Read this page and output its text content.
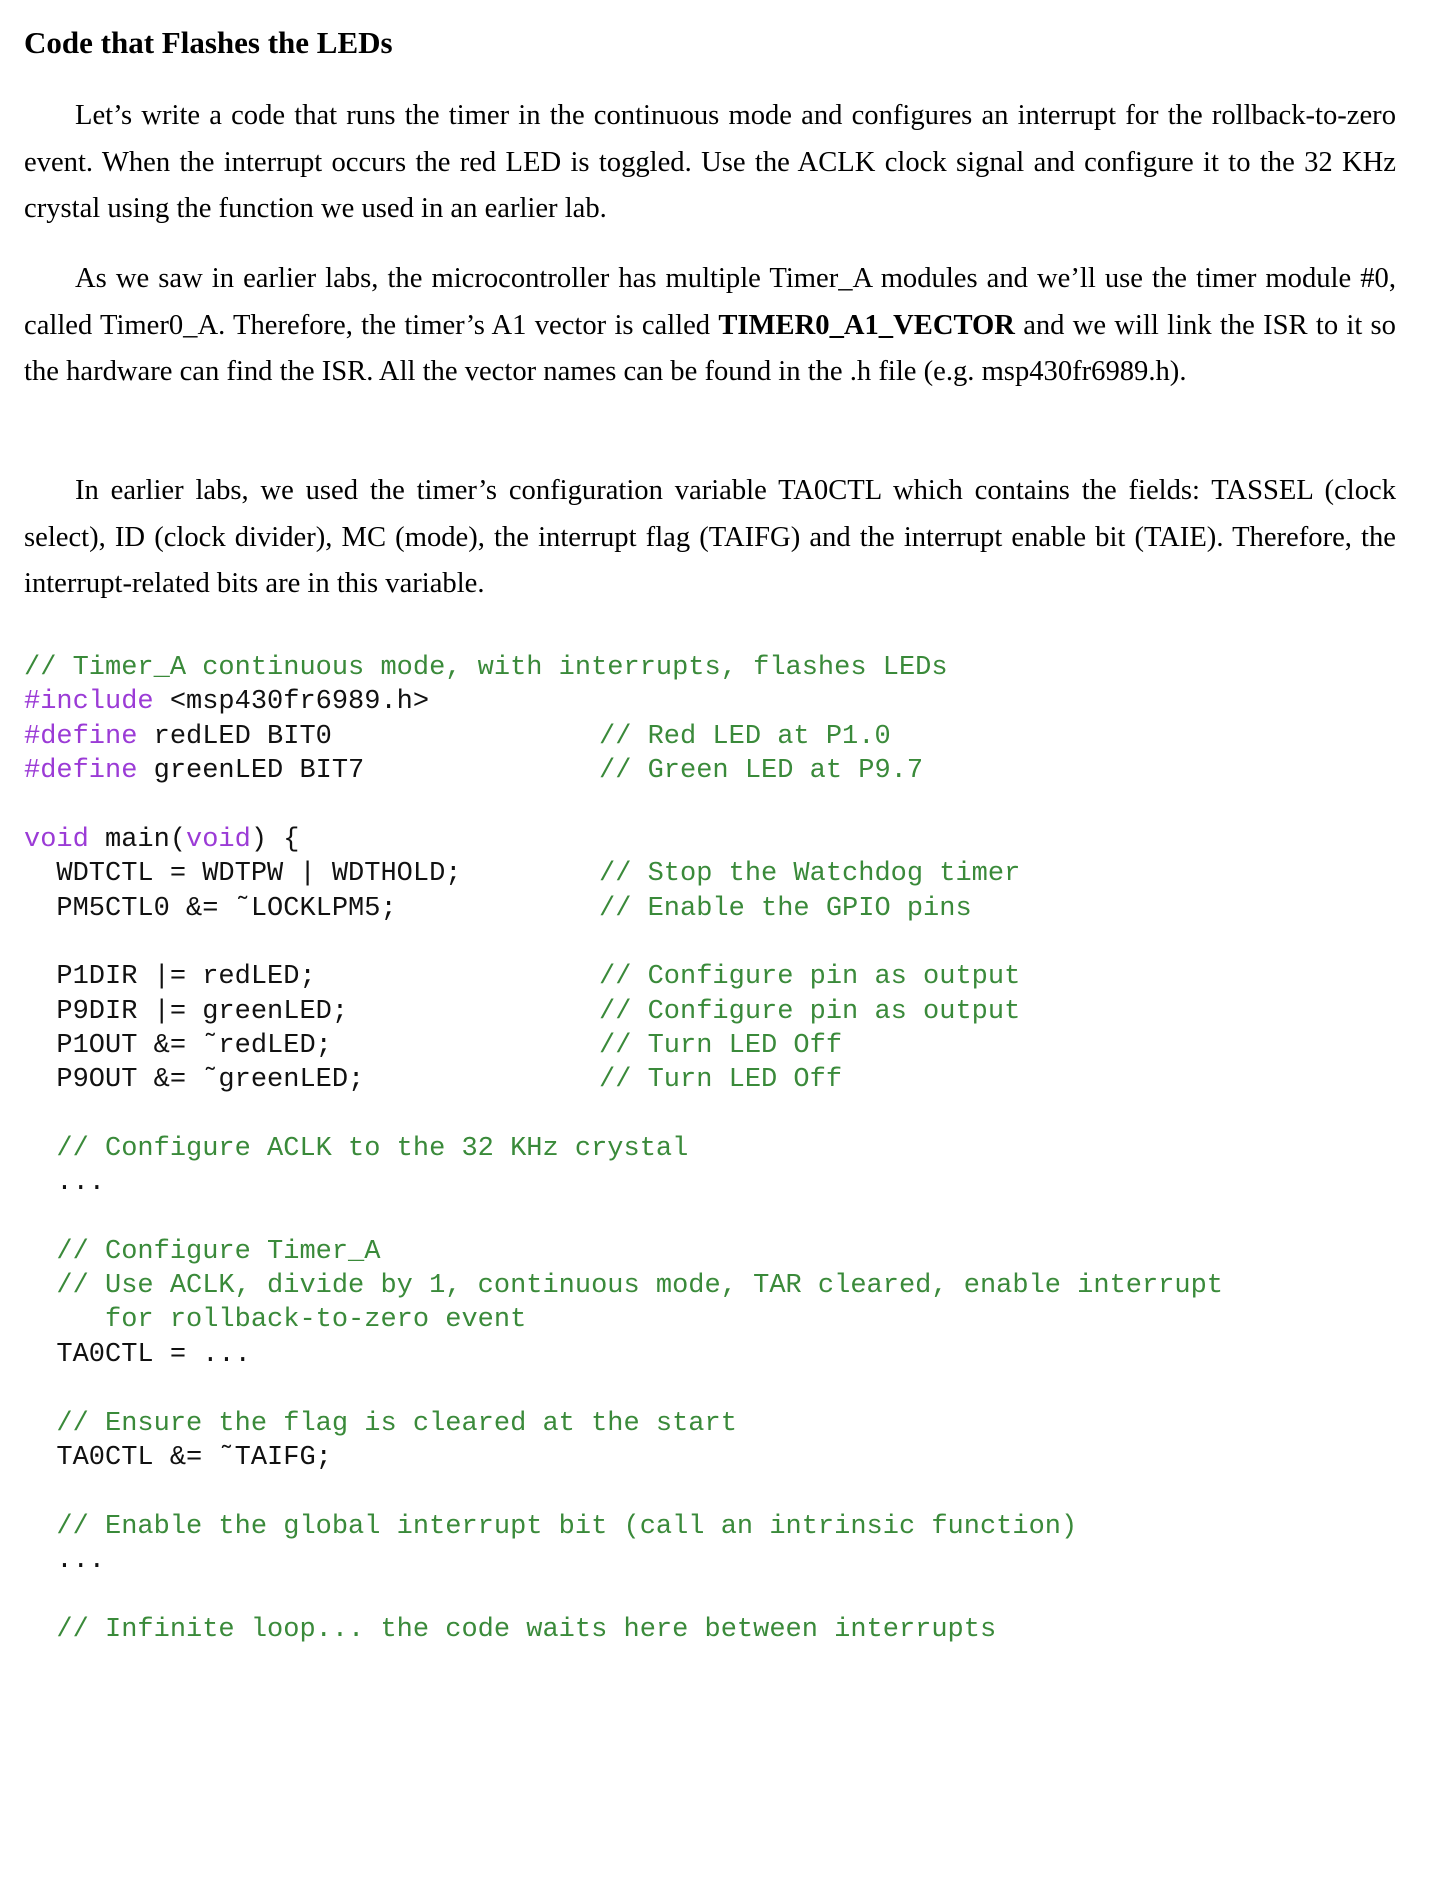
Code that Flashes the LEDs

Let’s write a code that runs the timer in the continuous mode and configures an interrupt for the rollback-to-zero event. When the interrupt occurs the red LED is toggled. Use the ACLK clock signal and configure it to the 32 KHz crystal using the function we used in an earlier lab.

As we saw in earlier labs, the microcontroller has multiple Timer_A modules and we’ll use the timer module #0, called Timer0_A. Therefore, the timer’s A1 vector is called TIMER0_A1_VECTOR and we will link the ISR to it so the hardware can find the ISR. All the vector names can be found in the .h file (e.g. msp430fr6989.h).

In earlier labs, we used the timer’s configuration variable TA0CTL which contains the fields: TASSEL (clock select), ID (clock divider), MC (mode), the interrupt flag (TAIFG) and the interrupt enable bit (TAIE). Therefore, the interrupt-related bits are in this variable.

// Timer_A continuous mode, with interrupts, flashes LEDs
#include <msp430fr6989.h>
#define redLED BIT0	// Red LED at P1.0
#define greenLED BIT7	// Green LED at P9.7
void main(void) {
WDTCTL = WDTPW | WDTHOLD;	// Stop the Watchdog timer
PM5CTL0 &= ˜LOCKLPM5;	// Enable the GPIO pins
P1DIR |= redLED;	// Configure pin as output
P9DIR |= greenLED;	// Configure pin as output
P1OUT &= ˜redLED;	// Turn LED Off
P9OUT &= ˜greenLED;	// Turn LED Off
// Configure ACLK to the 32 KHz crystal
...
// Configure Timer_A
// Use ACLK, divide by 1, continuous mode, TAR cleared, enable interrupt
for rollback-to-zero event
TA0CTL = ...
// Ensure the flag is cleared at the start
TA0CTL &= ˜TAIFG;
// Enable the global interrupt bit (call an intrinsic function)
...
// Infinite loop... the code waits here between interrupts
